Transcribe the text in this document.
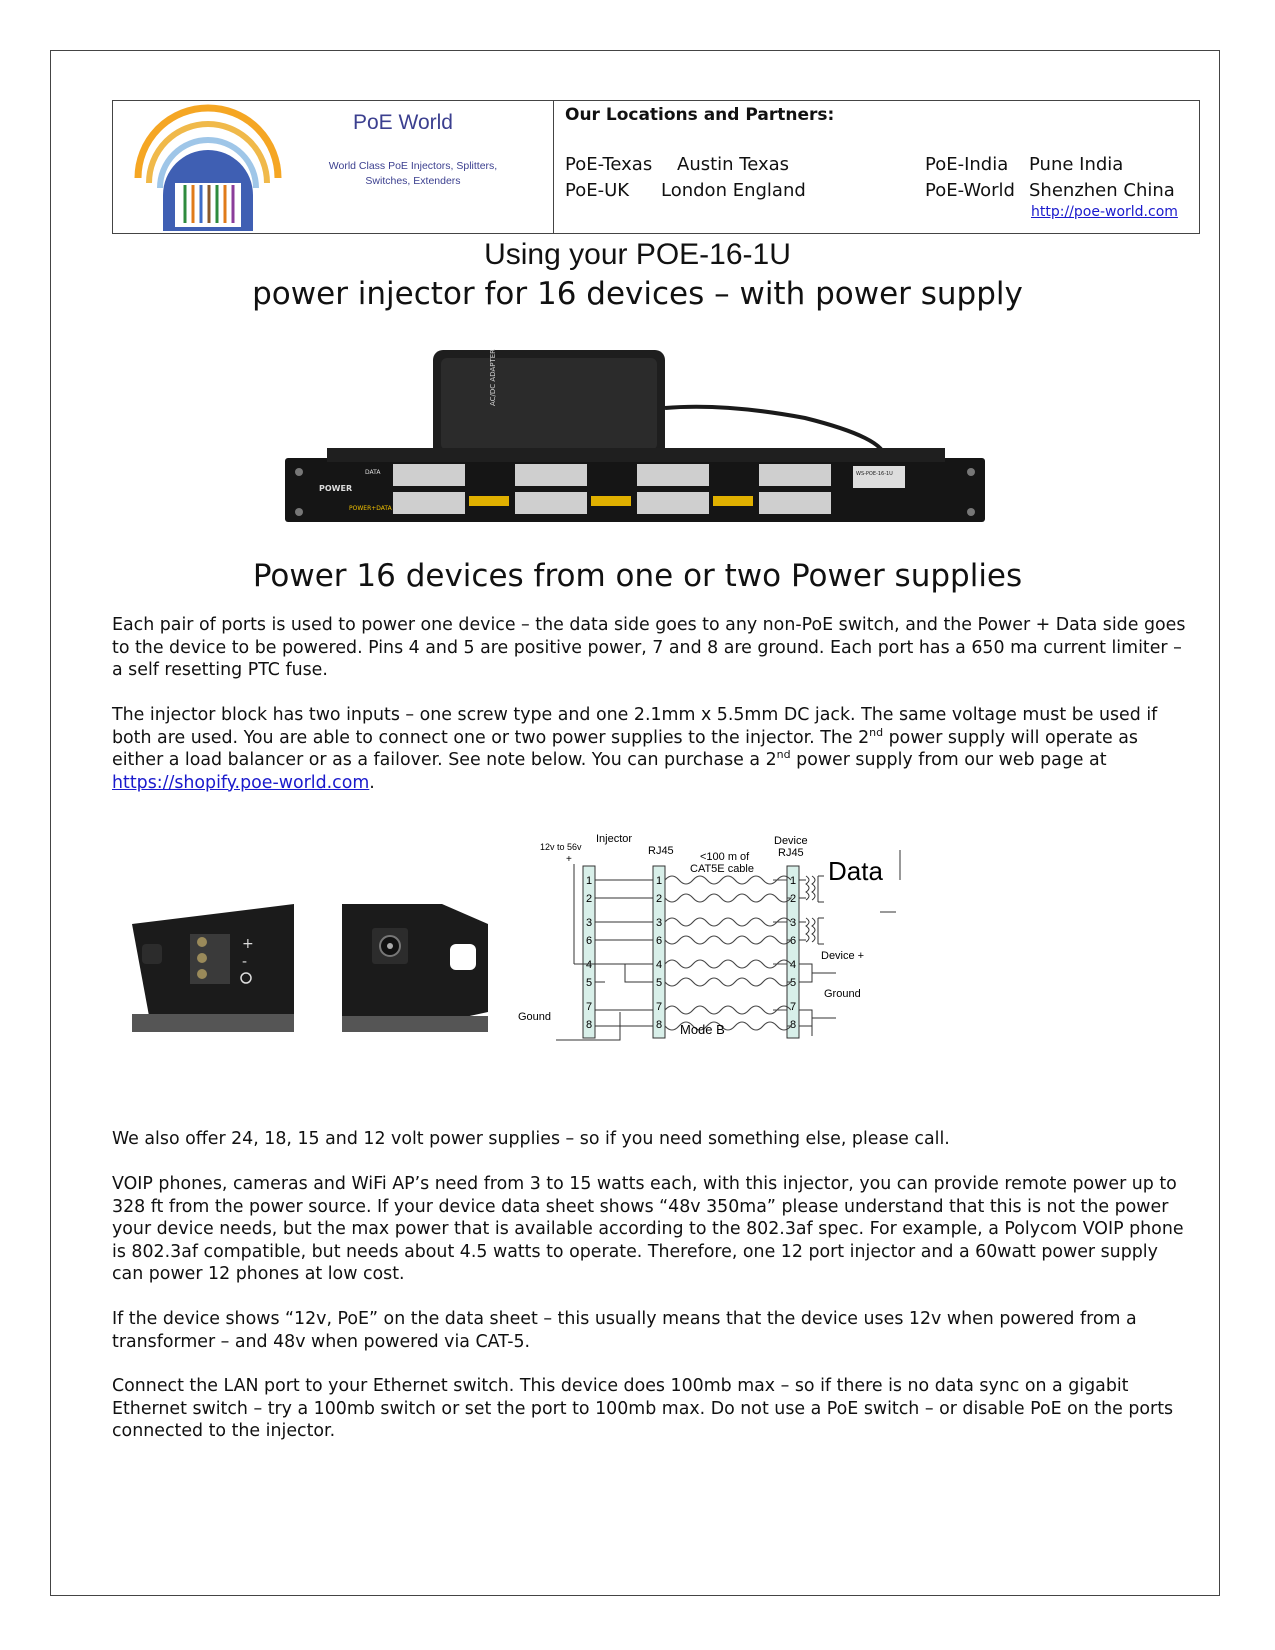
PoE World
World Class PoE Injectors, Splitters, Switches, Extenders
Our Locations and Partners:
PoE-Texas Austin Texas
PoE-UK London England
PoE-India Pune India
PoE-World Shenzhen China
http://poe-world.com
Using your POE-16-1U
power injector for 16 devices – with power supply
AC/DC ADAPTER
POWER
DATA
POWER+DATA
WS-POE-16-1U
Power 16 devices from one or two Power supplies
Each pair of ports is used to power one device – the data side goes to any non-PoE switch, and the Power + Data side goes to the device to be powered. Pins 4 and 5 are positive power, 7 and 8 are ground. Each port has a 650 ma current limiter – a self resetting PTC fuse.
The injector block has two inputs – one screw type and one 2.1mm x 5.5mm DC jack. The same voltage must be used if both are used. You are able to connect one or two power supplies to the injector. The 2nd power supply will operate as either a load balancer or as a failover. See note below. You can purchase a 2nd power supply from our web page at https://shopify.poe-world.com.
+
-
12v to 56v
+
Injector
RJ45 <100 m of
CAT5E cable
Device
RJ45
1
2
3
6
4
5
7
8
1
2
3
6
4
5
7
8
1
2
3
6
4
5
7
8
Data
Device +
Ground
Gound
Mode B
We also offer 24, 18, 15 and 12 volt power supplies – so if you need something else, please call.
VOIP phones, cameras and WiFi AP’s need from 3 to 15 watts each, with this injector, you can provide remote power up to 328 ft from the power source. If your device data sheet shows “48v 350ma” please understand that this is not the power your device needs, but the max power that is available according to the 802.3af spec. For example, a Polycom VOIP phone is 802.3af compatible, but needs about 4.5 watts to operate. Therefore, one 12 port injector and a 60watt power supply can power 12 phones at low cost.
If the device shows “12v, PoE” on the data sheet – this usually means that the device uses 12v when powered from a transformer – and 48v when powered via CAT-5.
Connect the LAN port to your Ethernet switch. This device does 100mb max – so if there is no data sync on a gigabit Ethernet switch – try a 100mb switch or set the port to 100mb max. Do not use a PoE switch – or disable PoE on the ports connected to the injector.
